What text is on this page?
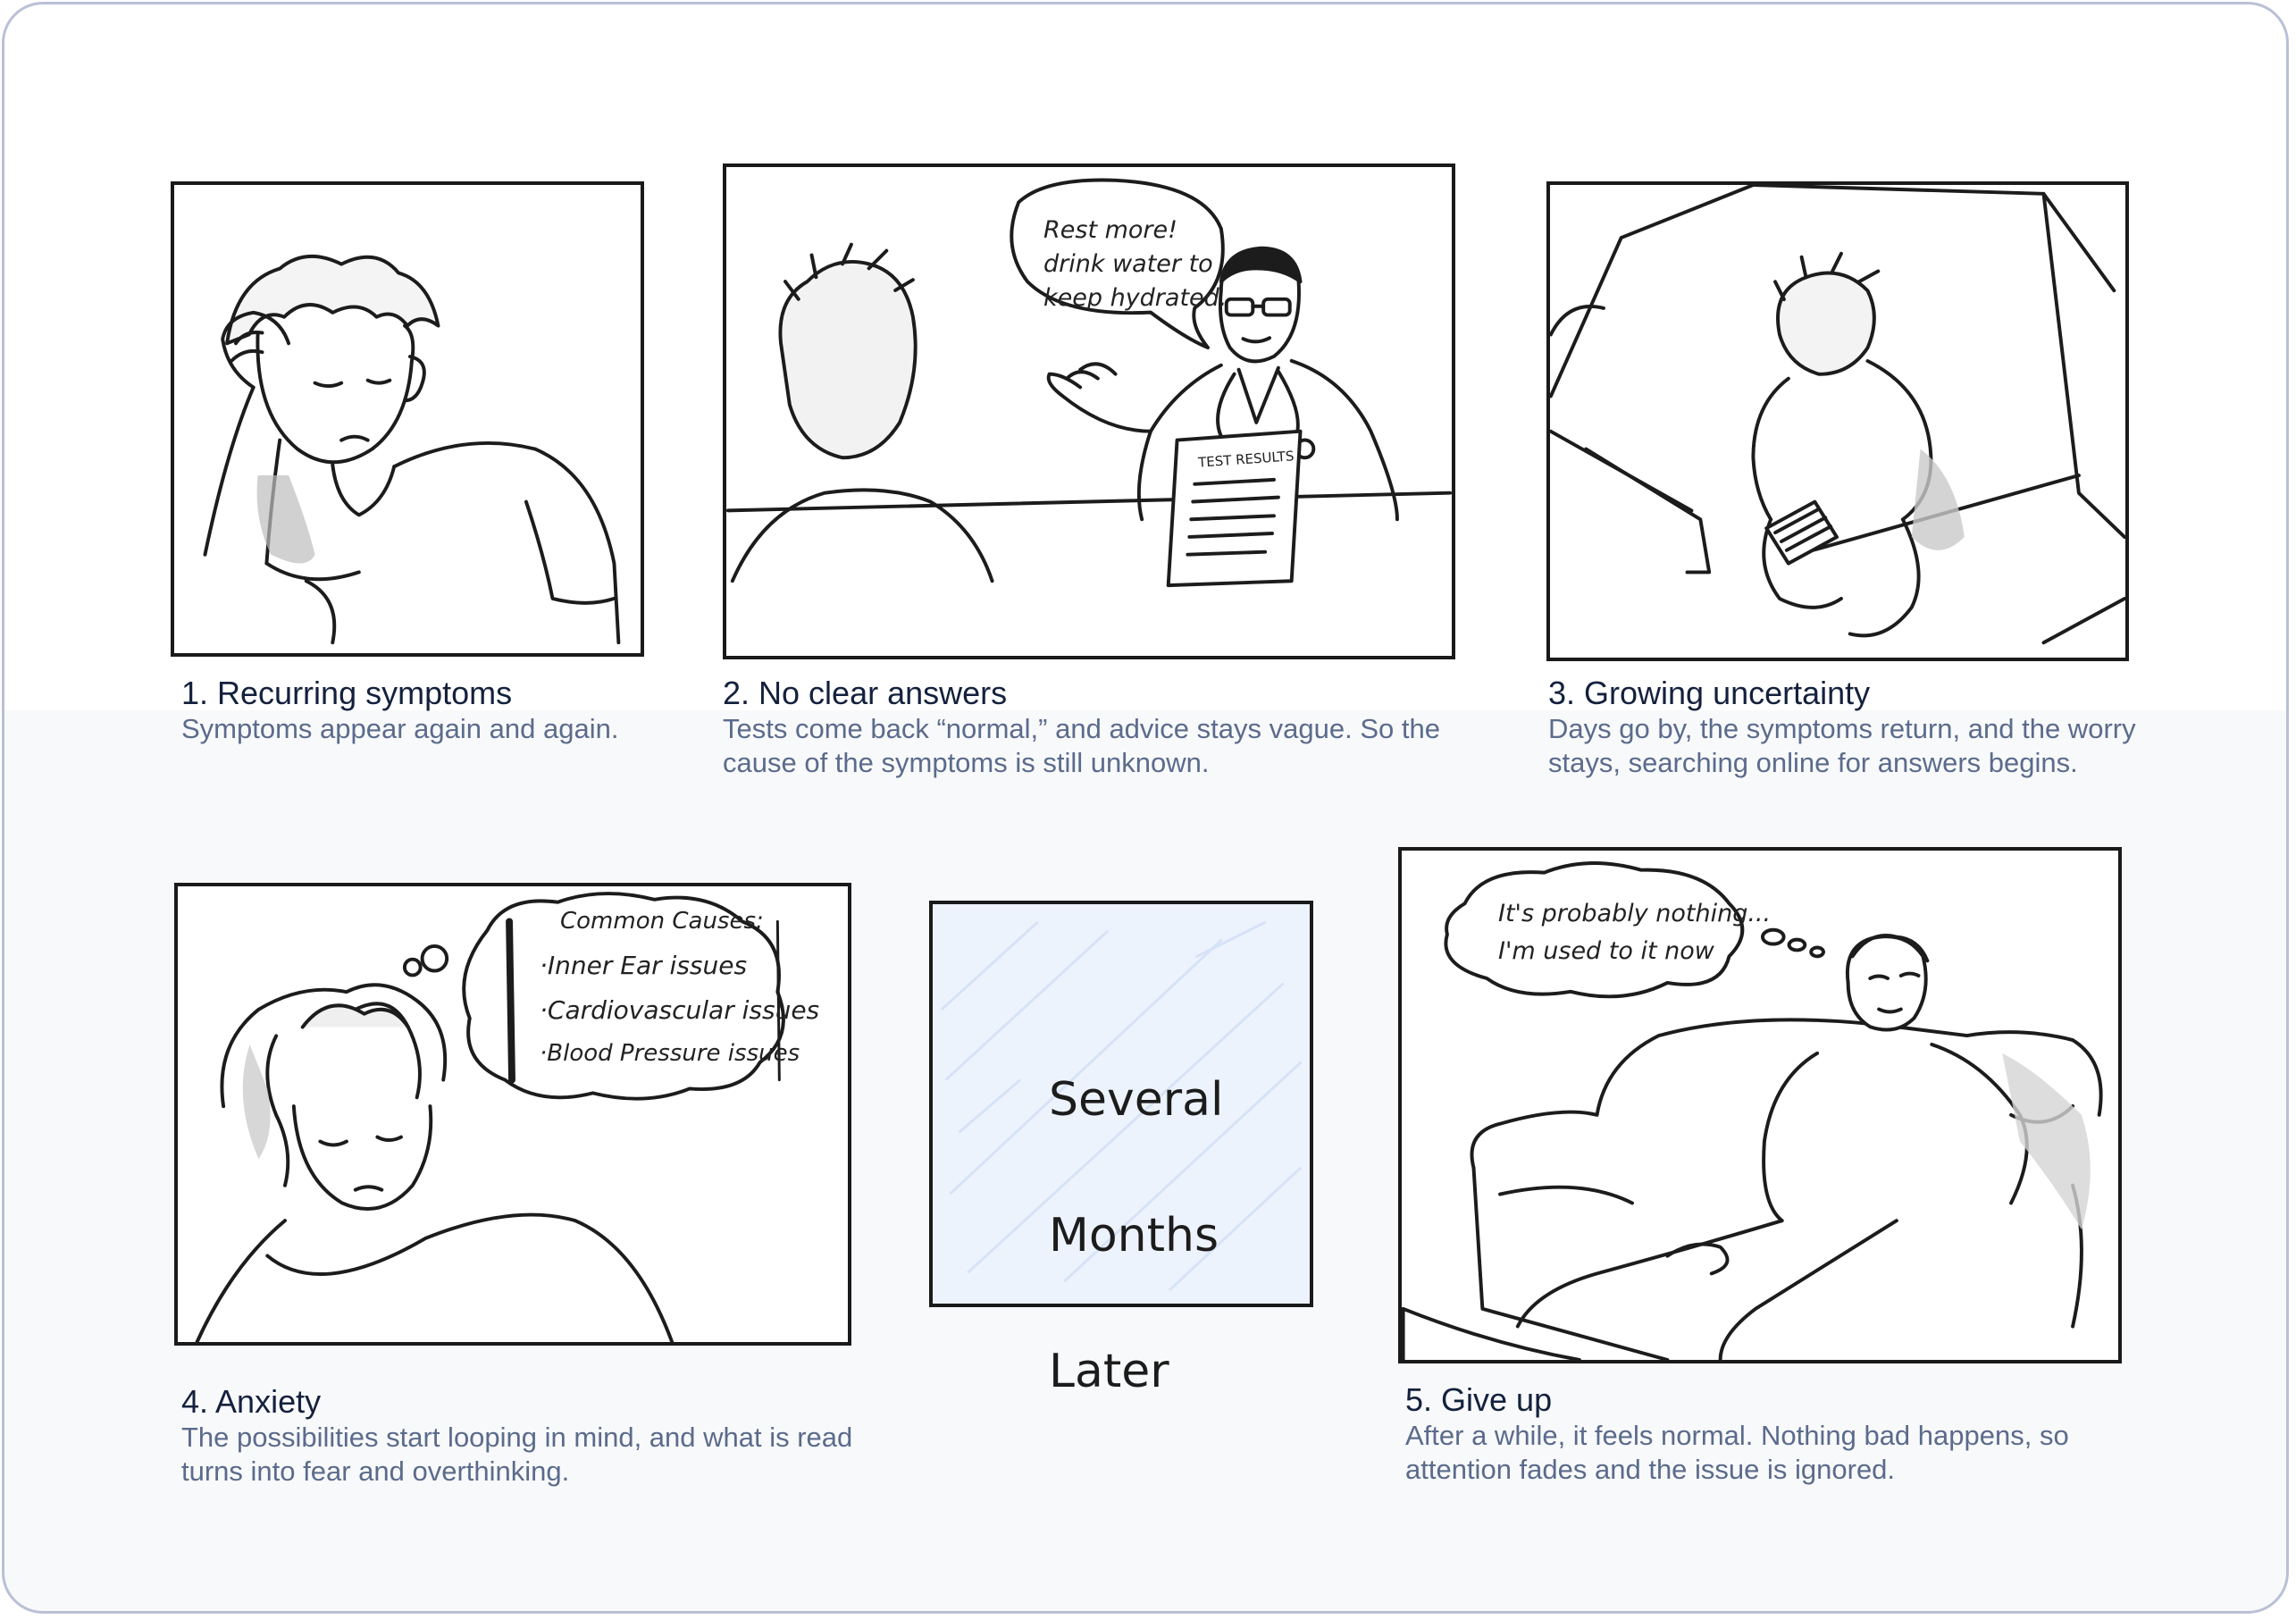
1. Recurring symptoms
Symptoms appear again and again.
Rest more!
drink water to
keep hydrated.
TEST RESULTS
2. No clear answers
Tests come back “normal,” and advice stays vague. So the cause of the symptoms is still unknown.
3. Growing uncertainty
Days go by, the symptoms return, and the worry stays, searching online for answers begins.
Common Causes:
·Inner Ear issues
·Cardiovascular issues
·Blood Pressure issues
4. Anxiety
The possibilities start looping in mind, and what is read turns into fear and overthinking.

Several

Months

Later

It's probably nothing...
I'm used to it now
5. Give up
After a while, it feels normal. Nothing bad happens, so attention fades and the issue is ignored.
